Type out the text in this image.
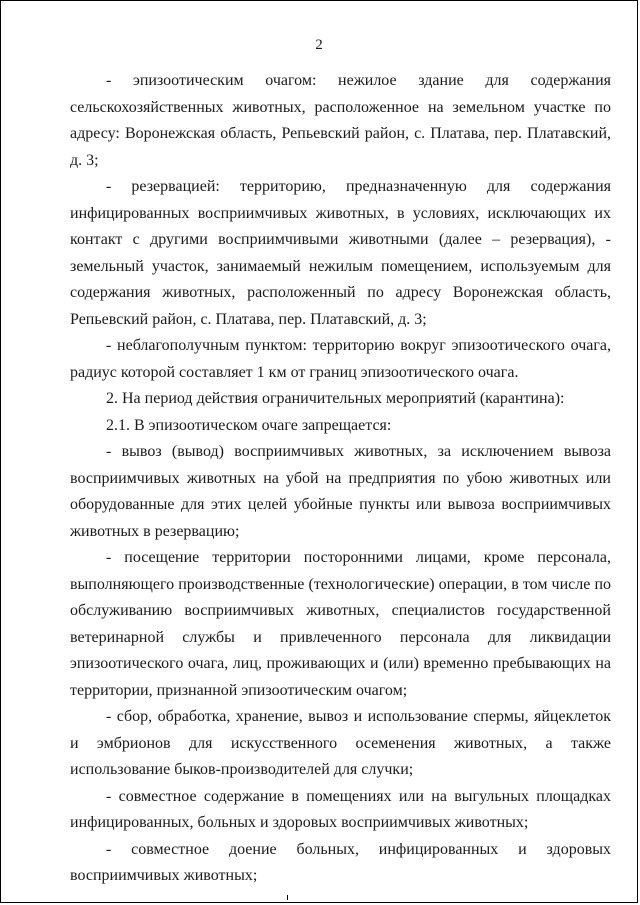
2

- эпизоотическим очагом: нежилое здание для содержания сельскохозяйственных животных, расположенное на земельном участке по адресу: Воронежская область, Репьевский район, с. Платава, пер. Платавский, д. 3;

- резервацией: территорию, предназначенную для содержания инфицированных восприимчивых животных, в условиях, исключающих их контакт с другими восприимчивыми животными (далее – резервация), - земельный участок, занимаемый нежилым помещением, используемым для содержания животных, расположенный по адресу Воронежская область, Репьевский район, с. Платава, пер. Платавский, д. 3;

- неблагополучным пунктом: территорию вокруг эпизоотического очага, радиус которой составляет 1 км от границ эпизоотического очага.

2. На период действия ограничительных мероприятий (карантина):

2.1. В эпизоотическом очаге запрещается:

- вывоз (вывод) восприимчивых животных, за исключением вывоза восприимчивых животных на убой на предприятия по убою животных или оборудованные для этих целей убойные пункты или вывоза восприимчивых животных в резервацию;

- посещение территории посторонними лицами, кроме персонала, выполняющего производственные (технологические) операции, в том числе по обслуживанию восприимчивых животных, специалистов государственной ветеринарной службы и привлеченного персонала для ликвидации эпизоотического очага, лиц, проживающих и (или) временно пребывающих на территории, признанной эпизоотическим очагом;

- сбор, обработка, хранение, вывоз и использование спермы, яйцеклеток и эмбрионов для искусственного осеменения животных, а также использование быков-производителей для случки;

- совместное содержание в помещениях или на выгульных площадках инфицированных, больных и здоровых восприимчивых животных;

- совместное доение больных, инфицированных и здоровых восприимчивых животных;
